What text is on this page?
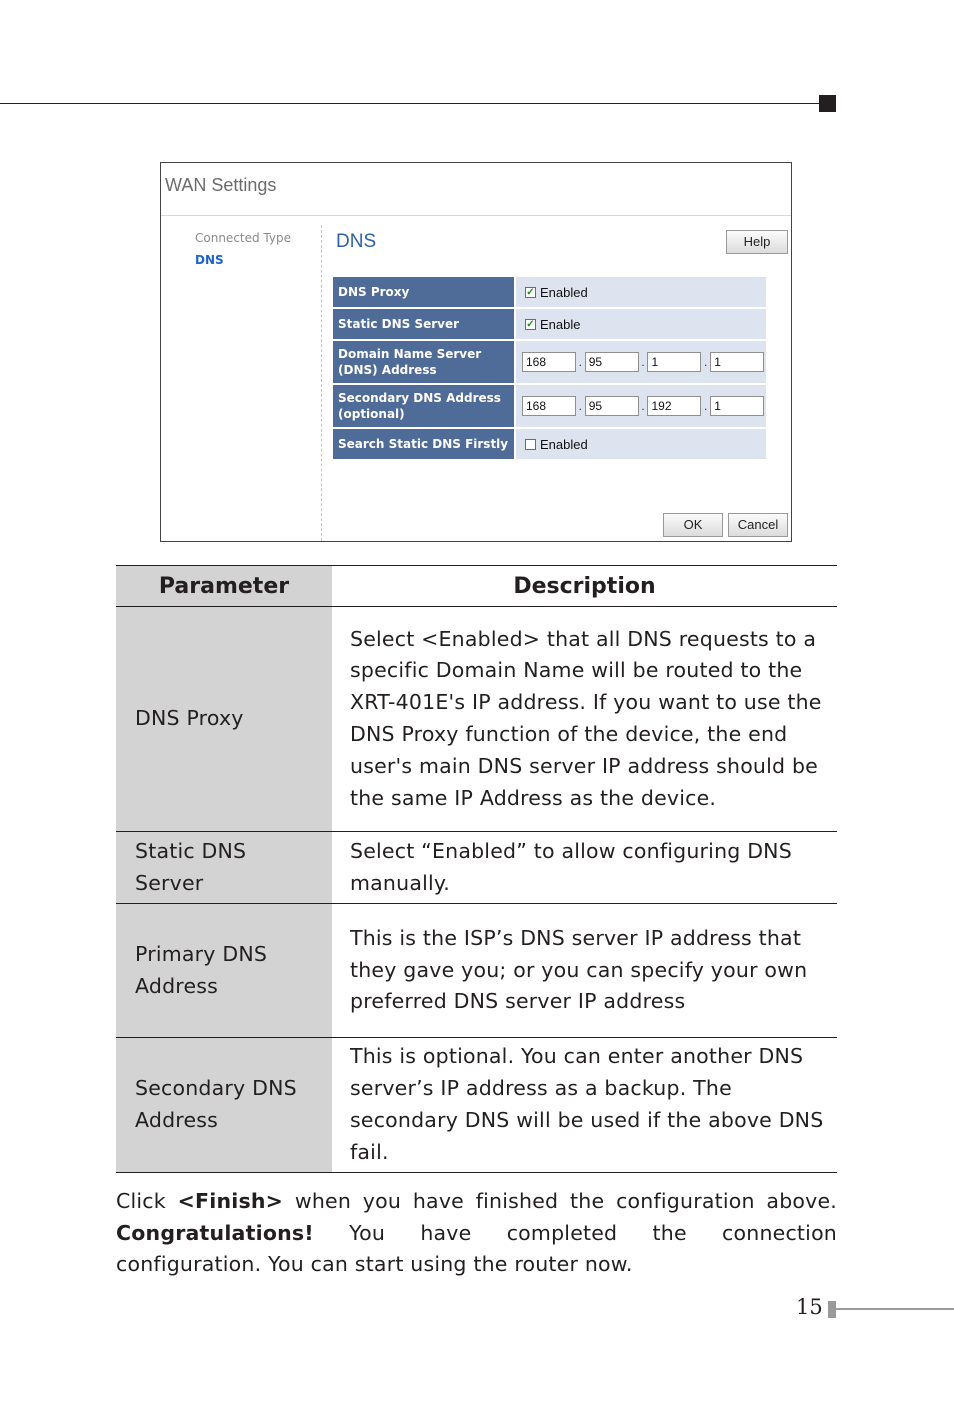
WAN Settings
Connected Type
DNS
DNS	Help
DNS Proxy	✓ Enabled
Static DNS Server	✓ Enable
Domain Name Server
(DNS) Address
168	. 95	. 1	. 1
Secondary DNS Address
(optional)
168	. 95	. 192	. 1
Search Static DNS Firstly	Enabled
OK	Cancel
Parameter	Description
DNS Proxy	Select <Enabled> that all DNS requests to a specific Domain Name will be routed to the XRT-401E's IP address. If you want to use the DNS Proxy function of the device, the end user's main DNS server IP address should be the same IP Address as the device.
Static DNS Server	Select “Enabled” to allow configuring DNS manually.
Primary DNS Address	This is the ISP’s DNS server IP address that they gave you; or you can specify your own preferred DNS server IP address
Secondary DNS Address	This is optional. You can enter another DNS server’s IP address as a backup. The secondary DNS will be used if the above DNS fail.
Click <Finish> when you have finished the configuration above. Congratulations! You have completed the connection configuration. You can start using the router now.
15
